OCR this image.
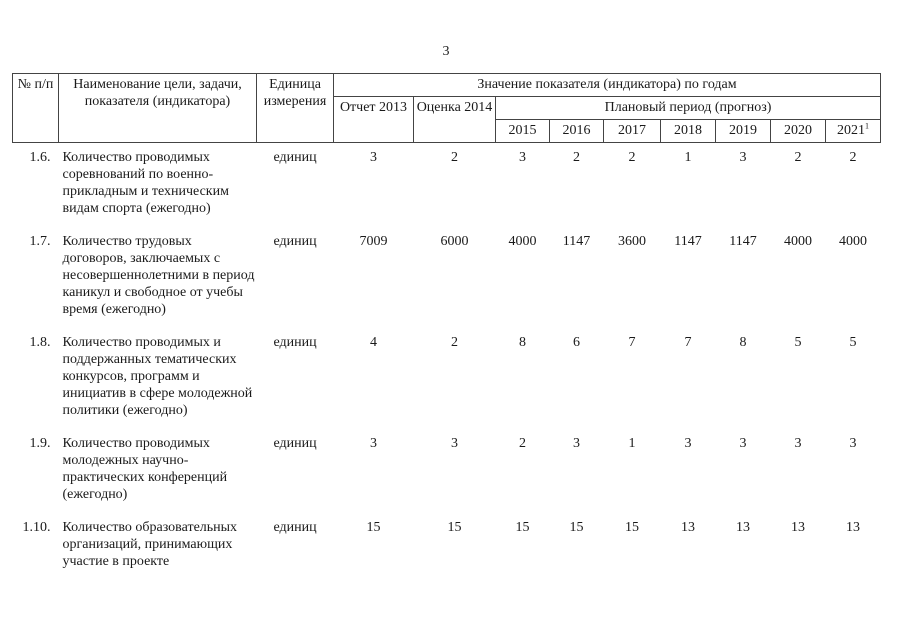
3
№ п/п	Наименование цели, задачи, показателя (индикатора)	Единица измерения	Значение показателя (индикатора) по годам								
			Отчет 2013	Оценка 2014	Плановый период (прогноз)						
					2015	2016	2017	2018	2019	2020	2021$^1$
1.6.	Количество проводимых соревнований по военно-прикладным и техническим видам спорта (ежегодно)	единиц	3	2	3	2	2	1	3	2	2
1.7.	Количество трудовых договоров, заключаемых с несовершеннолетними в период каникул и свободное от учебы время (ежегодно)	единиц	7009	6000	4000	1147	3600	1147	1147	4000	4000
1.8.	Количество проводимых и поддержанных тематических конкурсов, программ и инициатив в сфере молодежной политики (ежегодно)	единиц	4	2	8	6	7	7	8	5	5
1.9.	Количество проводимых молодежных научно-практических конференций (ежегодно)	единиц	3	3	2	3	1	3	3	3	3
1.10.	Количество образовательных организаций, принимающих участие в проекте	единиц	15	15	15	15	15	13	13	13	13
